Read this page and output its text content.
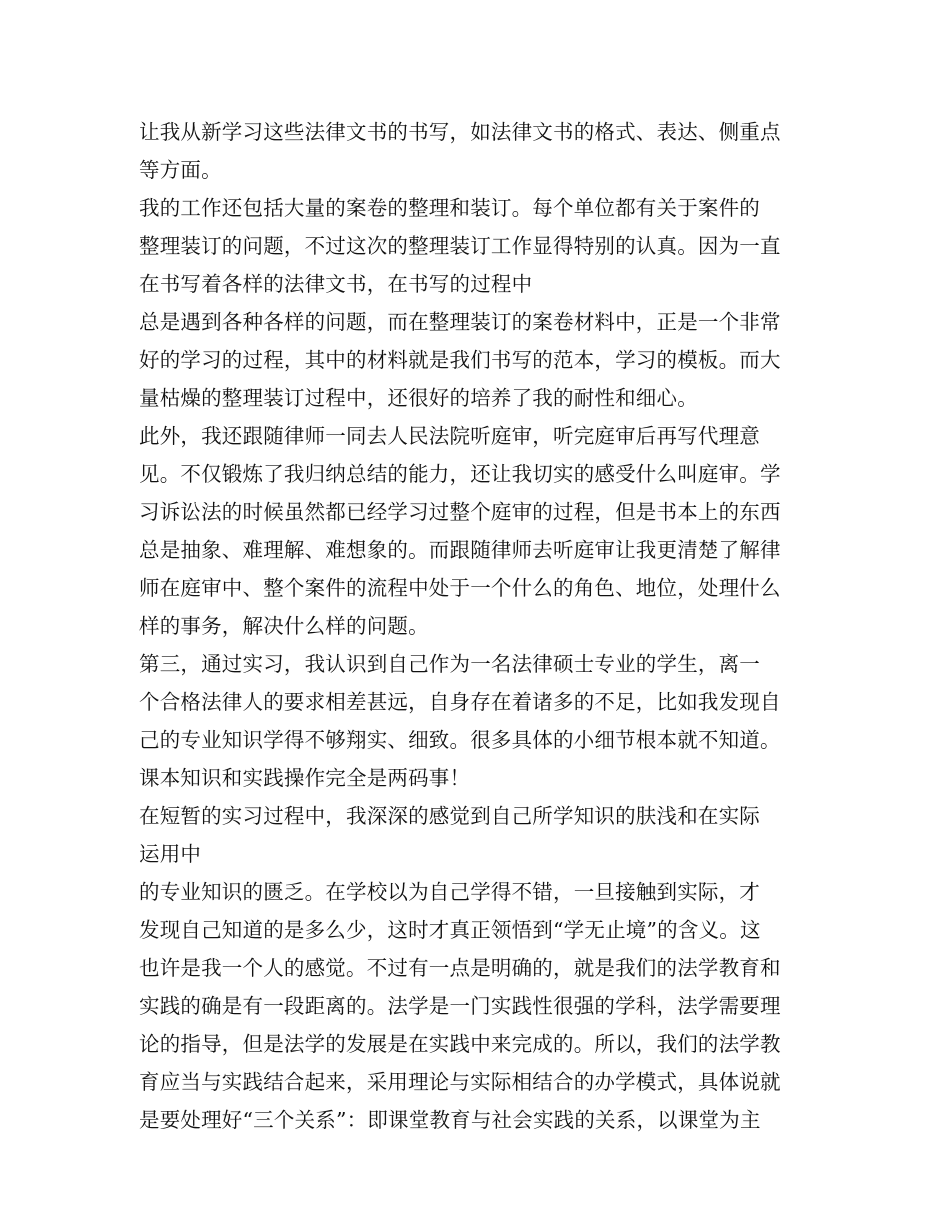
让我从新学习这些法律文书的书写，如法律文书的格式、表达、侧重点
等方面。
我的工作还包括大量的案卷的整理和装订。每个单位都有关于案件的
整理装订的问题，不过这次的整理装订工作显得特别的认真。因为一直
在书写着各样的法律文书，在书写的过程中
总是遇到各种各样的问题，而在整理装订的案卷材料中，正是一个非常
好的学习的过程，其中的材料就是我们书写的范本，学习的模板。而大
量枯燥的整理装订过程中，还很好的培养了我的耐性和细心。
此外，我还跟随律师一同去人民法院听庭审，听完庭审后再写代理意
见。不仅锻炼了我归纳总结的能力，还让我切实的感受什么叫庭审。学
习诉讼法的时候虽然都已经学习过整个庭审的过程，但是书本上的东西
总是抽象、难理解、难想象的。而跟随律师去听庭审让我更清楚了解律
师在庭审中、整个案件的流程中处于一个什么的角色、地位，处理什么
样的事务，解决什么样的问题。
第三，通过实习，我认识到自己作为一名法律硕士专业的学生，离一
个合格法律人的要求相差甚远，自身存在着诸多的不足，比如我发现自
己的专业知识学得不够翔实、细致。很多具体的小细节根本就不知道。
课本知识和实践操作完全是两码事！
在短暂的实习过程中，我深深的感觉到自己所学知识的肤浅和在实际
运用中
的专业知识的匮乏。在学校以为自己学得不错，一旦接触到实际，才
发现自己知道的是多么少，这时才真正领悟到“学无止境”的含义。这
也许是我一个人的感觉。不过有一点是明确的，就是我们的法学教育和
实践的确是有一段距离的。法学是一门实践性很强的学科，法学需要理
论的指导，但是法学的发展是在实践中来完成的。所以，我们的法学教
育应当与实践结合起来，采用理论与实际相结合的办学模式，具体说就
是要处理好“三个关系”：即课堂教育与社会实践的关系，以课堂为主
